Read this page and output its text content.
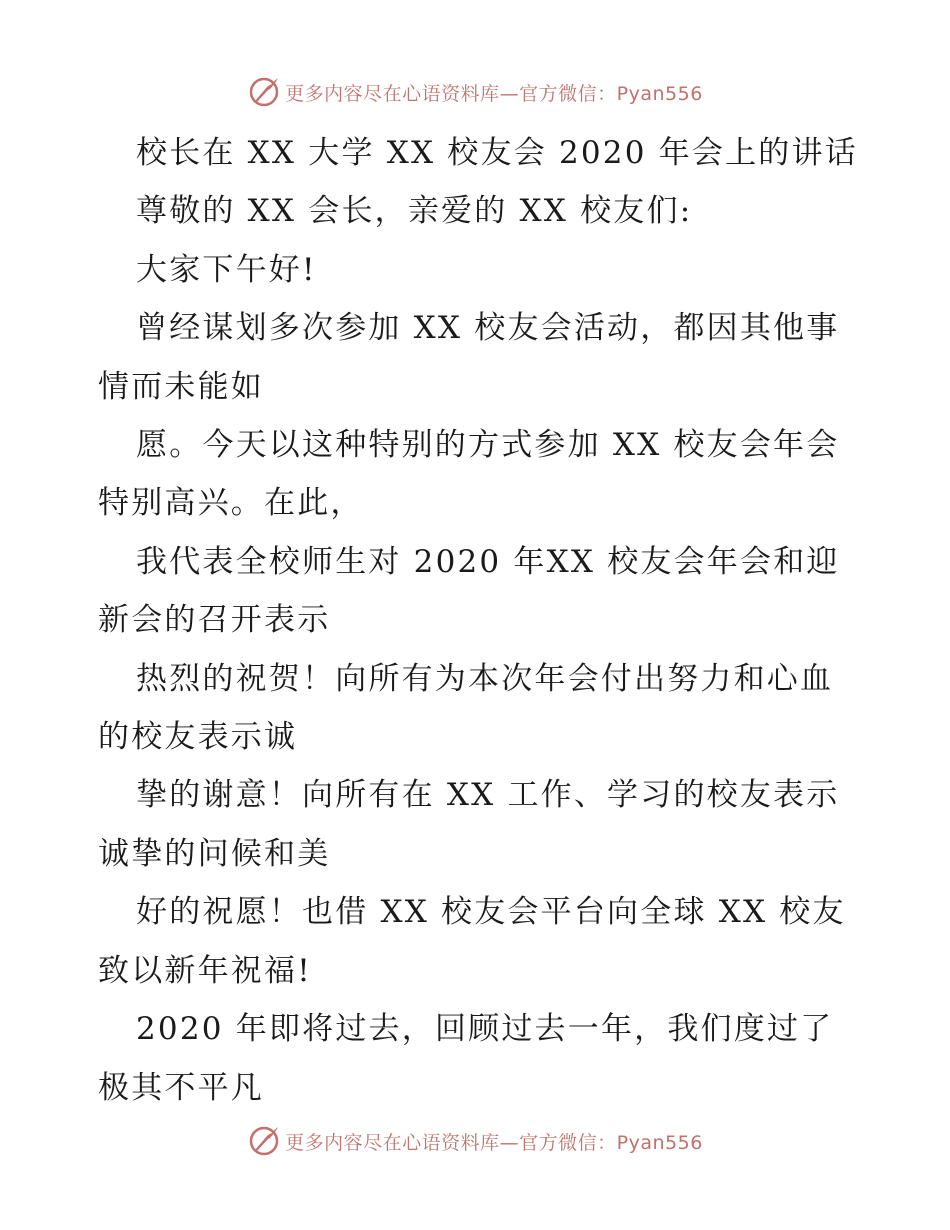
更多内容尽在心语资料库—官方微信：Pyan556

校长在 XX 大学 XX 校友会 2020 年会上的讲话

尊敬的 XX 会长，亲爱的 XX 校友们:

大家下午好!

曾经谋划多次参加 XX 校友会活动，都因其他事

情而未能如

愿。今天以这种特别的方式参加 XX 校友会年会

特别高兴。在此，

我代表全校师生对 2020 年XX 校友会年会和迎

新会的召开表示

热烈的祝贺！向所有为本次年会付出努力和心血

的校友表示诚

挚的谢意！向所有在 XX 工作、学习的校友表示

诚挚的问候和美

好的祝愿！也借 XX 校友会平台向全球 XX 校友

致以新年祝福!

2020 年即将过去，回顾过去一年，我们度过了

极其不平凡

更多内容尽在心语资料库—官方微信：Pyan556
